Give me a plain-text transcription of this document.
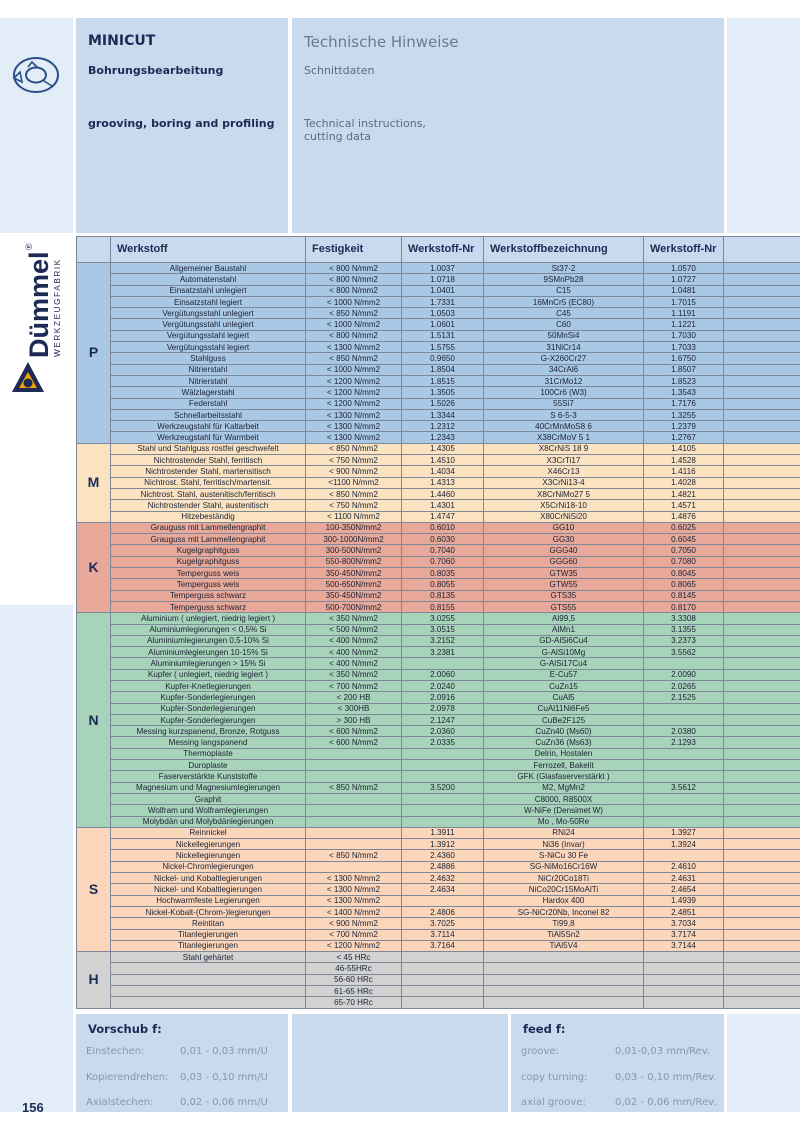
MINICUT
Bohrungsbearbeitung
grooving, boring and profiling
Technische Hinweise
Schnittdaten
Technical instructions,
cutting data
Dümmel
®
WERKZEUGFABRIK
	Werkstoff	Festigkeit	Werkstoff-Nr	Werkstoffbezeichnung	Werkstoff-Nr	
P	Allgemeiner Baustahl	< 800 N/mm2	1.0037	St37-2	1.0570	
	Automatenstahl	< 800 N/mm2	1.0718	9SMnPb28	1.0727	
	Einsatzstahl unlegiert	< 800 N/mm2	1.0401	C15	1.0481	
	Einsatzstahl legiert	< 1000 N/mm2	1.7331	16MnCr5 (EC80)	1.7015	
	Vergütungsstahl unlegiert	< 850 N/mm2	1.0503	C45	1.1191	
	Vergütungsstahl unlegiert	< 1000 N/mm2	1.0601	C60	1.1221	
	Vergütungsstahl legiert	< 800 N/mm2	1.5131	50MnSi4	1.7030	
	Vergütungsstahl legiert	< 1300 N/mm2	1.5755	31NiCr14	1.7033	
	Stahlguss	< 850 N/mm2	0.9650	G-X260Cr27	1.6750	
	Nitrierstahl	< 1000 N/mm2	1.8504	34CrAl6	1.8507	
	Nitrierstahl	< 1200 N/mm2	1.8515	31CrMo12	1.8523	
	Wälzlagerstahl	< 1200 N/mm2	1.3505	100Cr6 (W3)	1.3543	
	Federstahl	< 1200 N/mm2	1.5026	55Si7	1.7176	
	Schnellarbeitsstahl	< 1300 N/mm2	1.3344	S 6-5-3	1.3255	
	Werkzeugstahl für Kaltarbeit	< 1300 N/mm2	1.2312	40CrMnMoS8 6	1.2379	
	Werkzeugstahl für Warmbeit	< 1300 N/mm2	1.2343	X38CrMoV 5 1	1.2767	
M	Stahl und Stahlguss rostfei geschwefelt	< 850 N/mm2	1.4305	X8CrNiS 18 9	1.4105	
	Nichtrostender Stahl, ferritisch	< 750 N/mm2	1.4510	X3CrTi17	1.4528	
	Nichtrostender Stahl, martensitisch	< 900 N/mm2	1.4034	X46Cr13	1.4116	
	Nichtrost. Stahl, ferritisch/martensit.	<1100 N/mm2	1.4313	X3CrNi13-4	1.4028	
	Nichtrost. Stahl, austenitisch/ferritisch	< 850 N/mm2	1.4460	X8CrNiMo27 5	1.4821	
	Nichtrostender Stahl, austenitisch	< 750 N/mm2	1.4301	X5CrNi18-10	1.4571	
	Hitzebeständig	< 1100 N/mm2	1.4747	X80CrNiSi20	1.4876	
K	Grauguss mit Lammellengraphit	100-350N/mm2	0.6010	GG10	0.6025	
	Grauguss mit Lammellengraphit	300-1000N/mm2	0.6030	GG30	0.6045	
	Kugelgraphitguss	300-500N/mm2	0.7040	GGG40	0.7050	
	Kugelgraphitguss	550-800N/mm2	0.7060	GGG60	0.7080	
	Temperguss weis	350-450N/mm2	0.8035	GTW35	0.8045	
	Temperguss weis	500-650N/mm2	0.8055	GTW55	0.8065	
	Temperguss schwarz	350-450N/mm2	0.8135	GTS35	0.8145	
	Temperguss schwarz	500-700N/mm2	0.8155	GTS55	0.8170	
N	Aluminium ( unlegiert, niedrig legiert )	< 350 N/mm2	3.0255	Al99,5	3.3308	
	Aluminiumlegierungen < 0,5% Si	< 500 N/mm2	3.0515	AlMn1	3.1355	
	Aluminiumlegierungen 0,5-10% Si	< 400 N/mm2	3.2152	GD-AlSi6Cu4	3.2373	
	Aluminiumlegierungen 10-15% Si	< 400 N/mm2	3.2381	G-AlSi10Mg	3.5562	
	Aluminiumlegierungen > 15% Si	< 400 N/mm2		G-AlSi17Cu4		
	Kupfer ( unlegiert, niedrig legiert )	< 350 N/mm2	2.0060	E-Cu57	2.0090	
	Kupfer-Knetlegierungen	< 700 N/mm2	2.0240	CuZn15	2.0265	
	Kupfer-Sonderlegierungen	< 200 HB	2.0916	CuAl5	2.1525	
	Kupfer-Sonderlegierungen	< 300HB	2.0978	CuAl11Ni6Fe5		
	Kupfer-Sonderlegierungen	> 300 HB	2.1247	CuBe2F125		
	Messing kurzspanend, Bronze, Rotguss	< 600 N/mm2	2.0360	CuZn40 (Ms60)	2.0380	
	Messing langspanend	< 600 N/mm2	2.0335	CuZn36 (Ms63)	2.1293	
	Thermoplaste			Delrin, Hostalen		
	Duroplaste			Ferrozell, Bakelit		
	Faserverstärkte Kunststoffe			GFK (Glasfaserverstärkt )		
	Magnesium und Magnesiumlegierungen	< 850 N/mm2	3.5200	M2, MgMn2	3.5612	
	Graphit			C8000, R8500X		
	Wolfram und Wolframlegierungen			W-NiFe (Densimet W)		
	Molybdän und Molybdänlegierungen			Mo , Mo-50Re		
S	Reinnickel		1.3911	RNi24	1.3927	
	Nickellegierungen		1.3912	Ni36 (Invar)	1.3924	
	Nickellegierungen	< 850 N/mm2	2.4360	S-NiCu 30 Fe		
	Nickel-Chromlegierungen		2.4886	SG-NiMo16Cr16W	2.4610	
	Nickel- und Kobaltlegierungen	< 1300 N/mm2	2.4632	NiCr20Co18Ti	2.4631	
	Nickel- und Kobaltlegierungen	< 1300 N/mm2	2.4634	NiCo20Cr15MoAlTi	2.4654	
	Hochwarmfeste Legierungen	< 1300 N/mm2		Hardox 400	1.4939	
	Nickel-Kobalt-(Chrom-)legierungen	< 1400 N/mm2	2.4806	SG-NiCr20Nb, Inconel 82	2.4851	
	Reintitan	< 900 N/mm2	3.7025	Ti99,8	3.7034	
	Titanlegierungen	< 700 N/mm2	3.7114	TiAl5Sn2	3.7174	
	Titanlegierungen	< 1200 N/mm2	3.7164	TiAl5V4	3.7144	
H	Stahl gehärtet	< 45 HRc				
		46-55HRc				
		56-60 HRc				
		61-65 HRc				
		65-70 HRc				
Vorschub f:
Einstechen:	0,01 - 0,03 mm/U
Kopierendrehen: 0,03 - 0,10 mm/U
Axialstechen:	0,02 - 0,06 mm/U
feed f:
groove:	0,01-0,03 mm/Rev.
copy turning:	0,03 - 0,10 mm/Rev.
axial groove:	0,02 - 0,06 mm/Rev.
156
